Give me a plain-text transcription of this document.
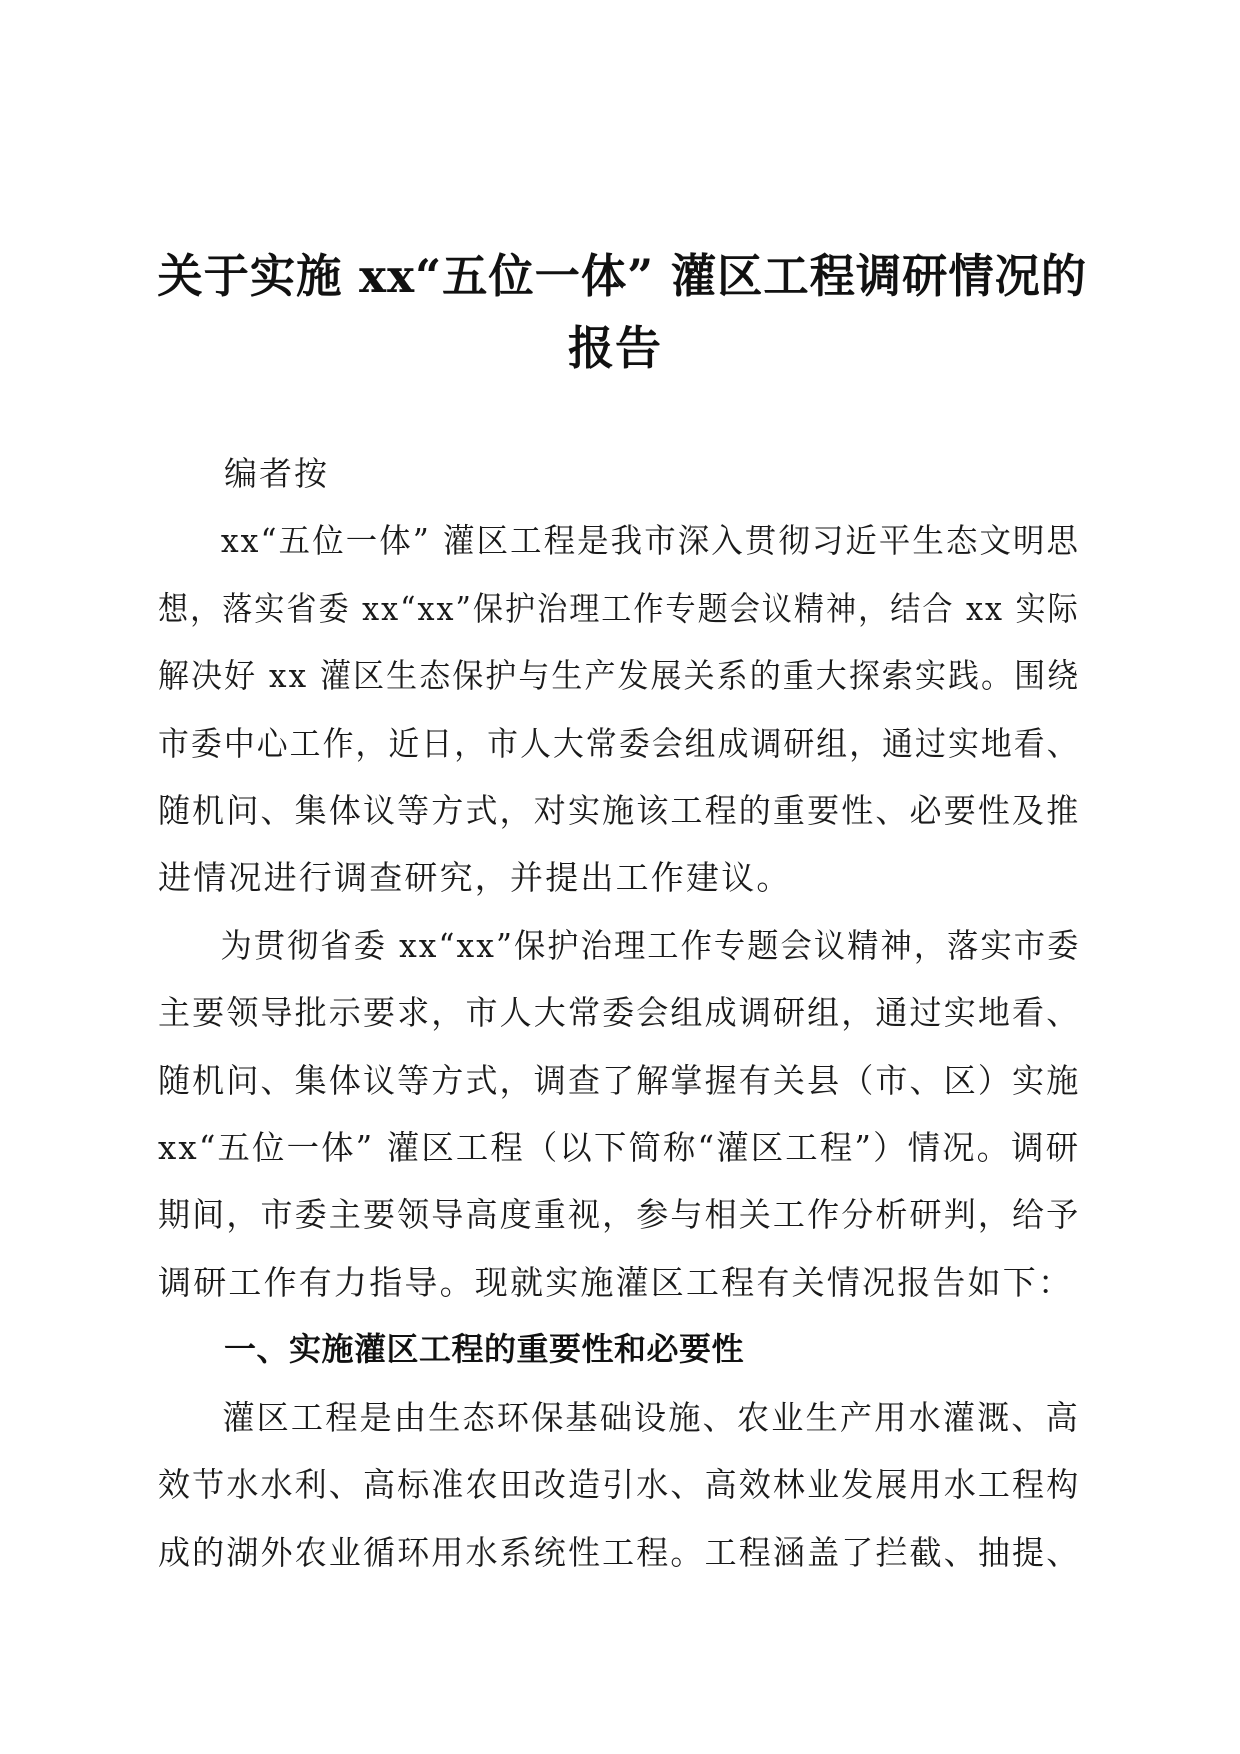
关于实施 xx“五位一体” 灌区工程调研情况的
报告

编者按

xx“五位一体” 灌区工程是我市深入贯彻习近平生态文明思
想，落实省委 xx“xx”保护治理工作专题会议精神，结合 xx 实际
解决好 xx 灌区生态保护与生产发展关系的重大探索实践。围绕
市委中心工作，近日，市人大常委会组成调研组，通过实地看、
随机问、集体议等方式，对实施该工程的重要性、必要性及推
进情况进行调查研究，并提出工作建议。

为贯彻省委 xx“xx”保护治理工作专题会议精神，落实市委
主要领导批示要求，市人大常委会组成调研组，通过实地看、
随机问、集体议等方式，调查了解掌握有关县（市、区）实施
xx“五位一体” 灌区工程（以下简称“灌区工程”）情况。调研
期间，市委主要领导高度重视，参与相关工作分析研判，给予
调研工作有力指导。现就实施灌区工程有关情况报告如下：

一、实施灌区工程的重要性和必要性

灌区工程是由生态环保基础设施、农业生产用水灌溉、高
效节水水利、高标准农田改造引水、高效林业发展用水工程构
成的湖外农业循环用水系统性工程。工程涵盖了拦截、抽提、
